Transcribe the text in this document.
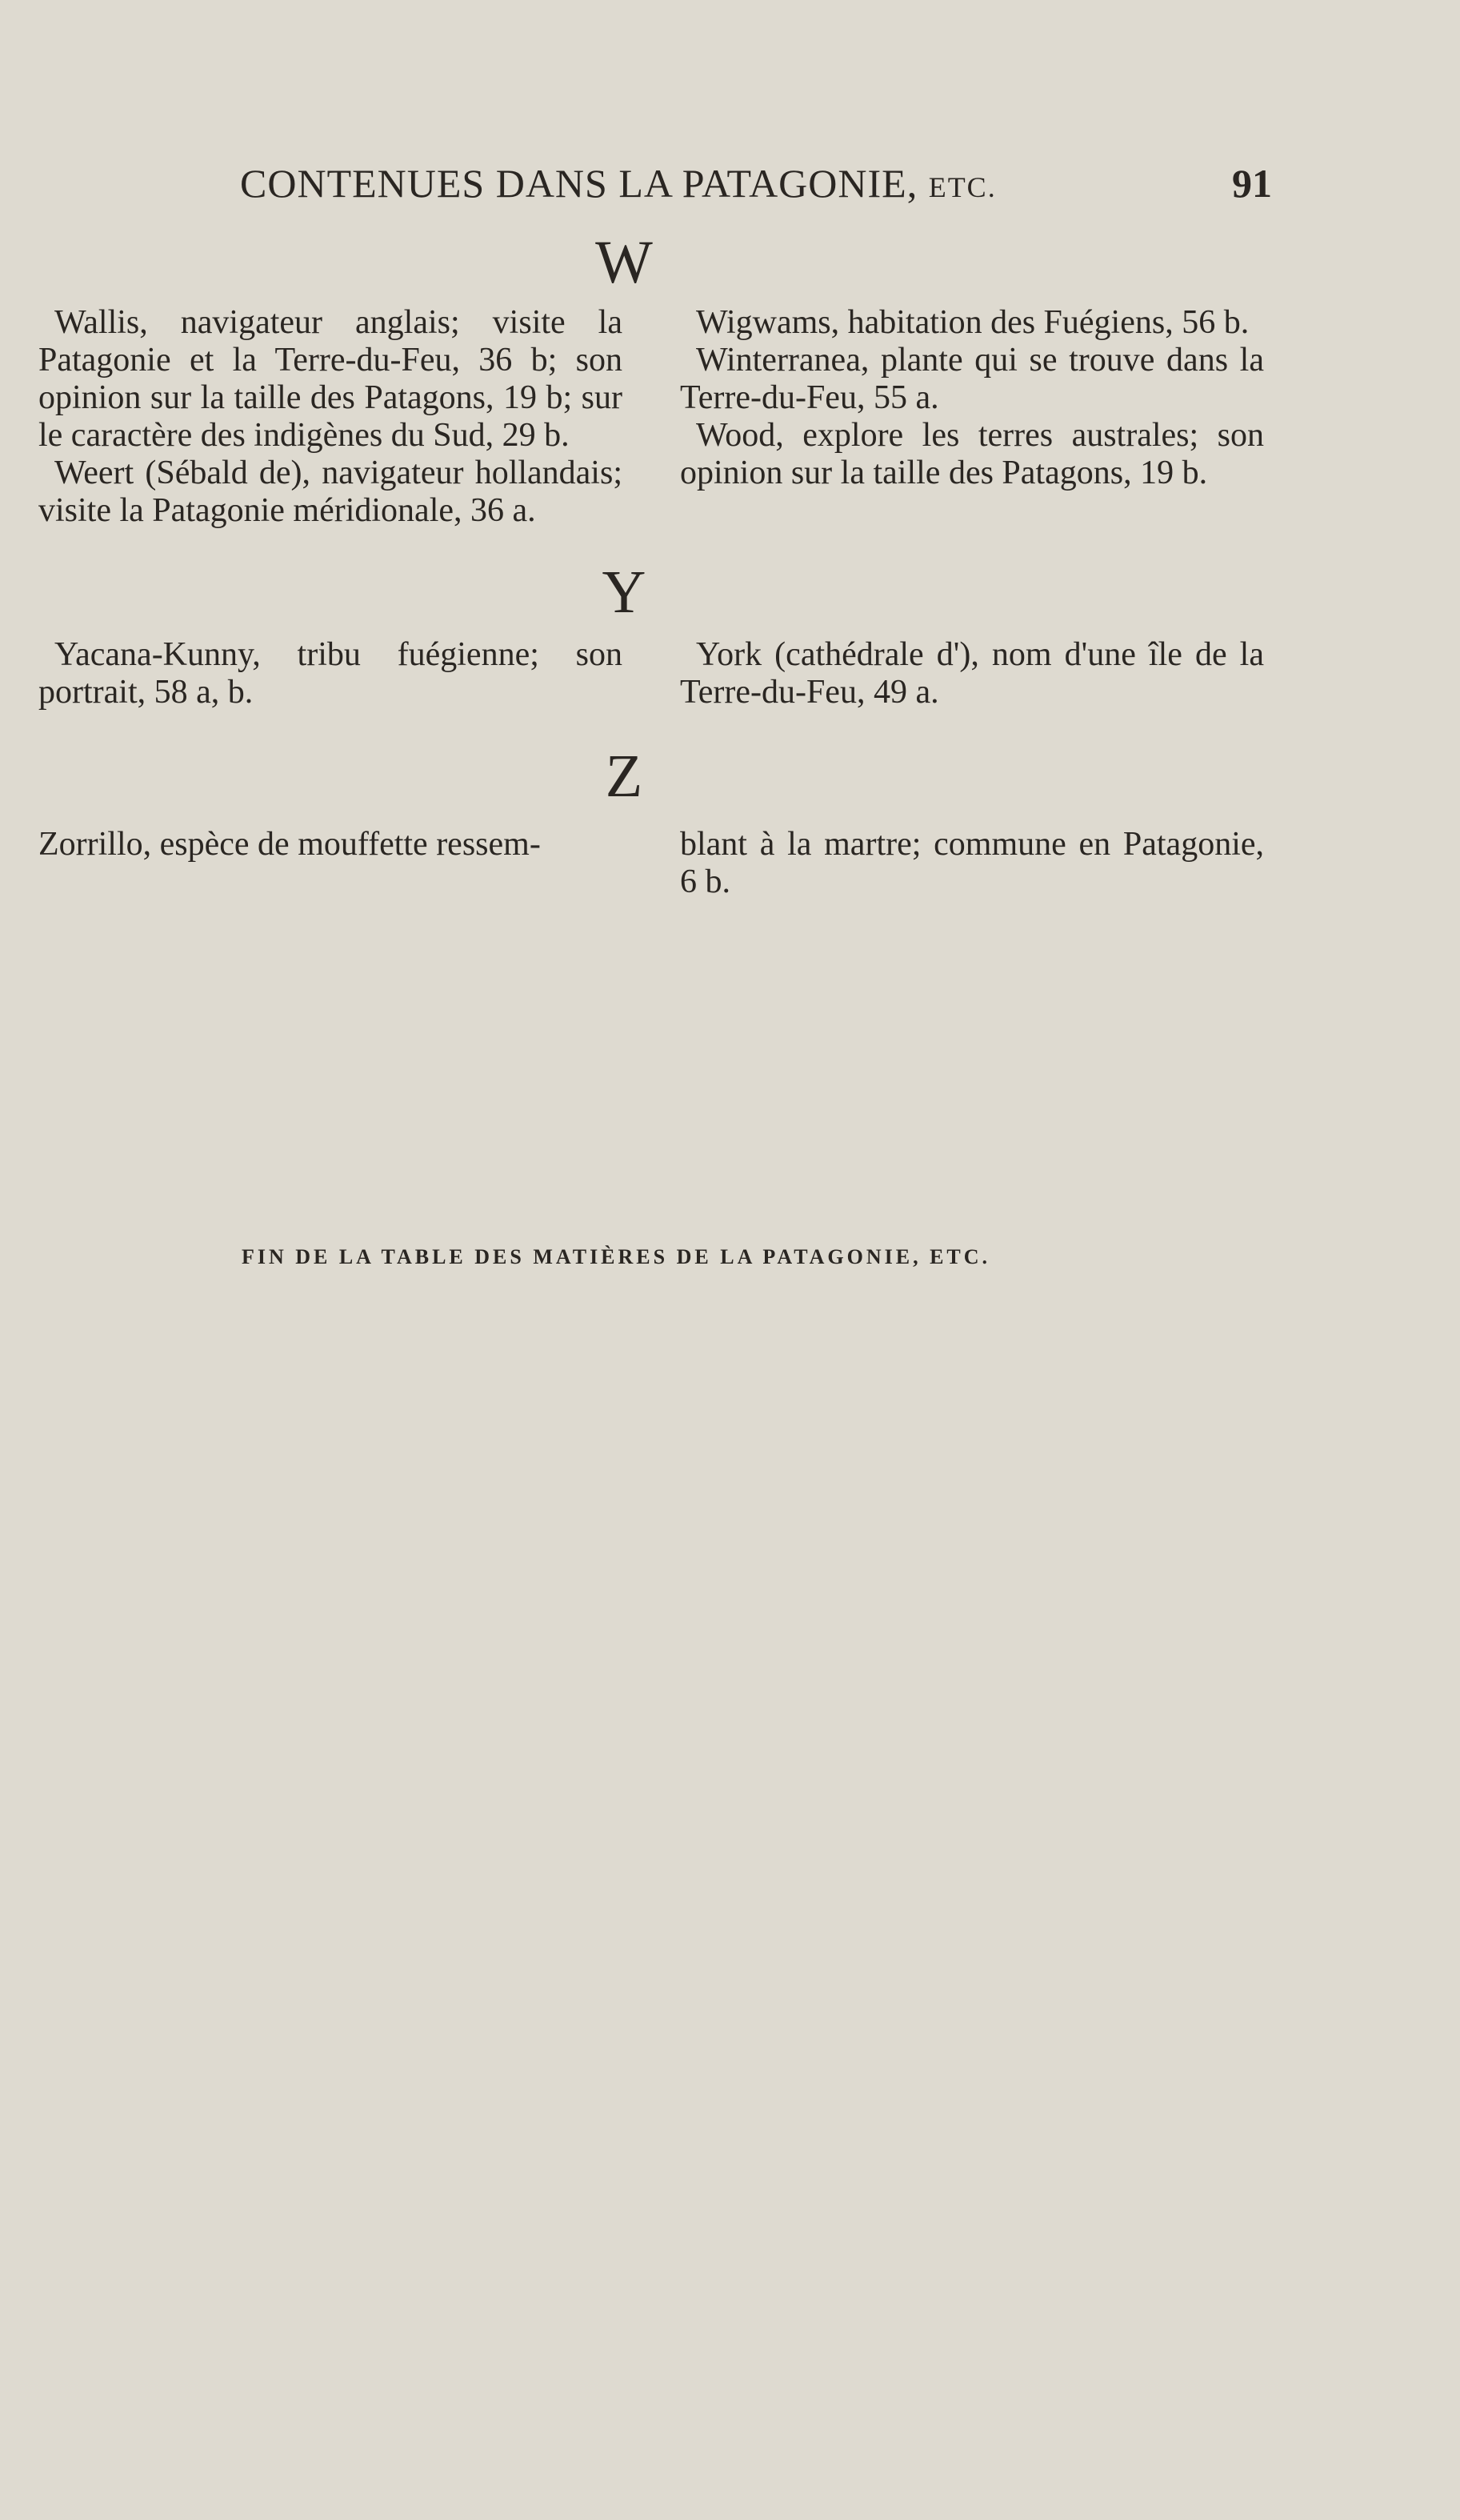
CONTENUES DANS LA PATAGONIE, ETC.	91
W

Wallis, navigateur anglais; visite la Patagonie et la Terre-du-Feu, 36 b; son opinion sur la taille des Patagons, 19 b; sur le caractère des indigènes du Sud, 29 b.

Weert (Sébald de), navigateur hollandais; visite la Patagonie méridionale, 36 a.

Wigwams, habitation des Fuégiens, 56 b.

Winterranea, plante qui se trouve dans la Terre-du-Feu, 55 a.

Wood, explore les terres australes; son opinion sur la taille des Patagons, 19 b.

Y

Yacana-Kunny, tribu fuégienne; son portrait, 58 a, b.

York (cathédrale d'), nom d'une île de la Terre-du-Feu, 49 a.

Z

Zorrillo, espèce de mouffette ressem-	blant à la martre; commune en Patagonie, 6 b.

FIN DE LA TABLE DES MATIÈRES DE LA PATAGONIE, ETC.
